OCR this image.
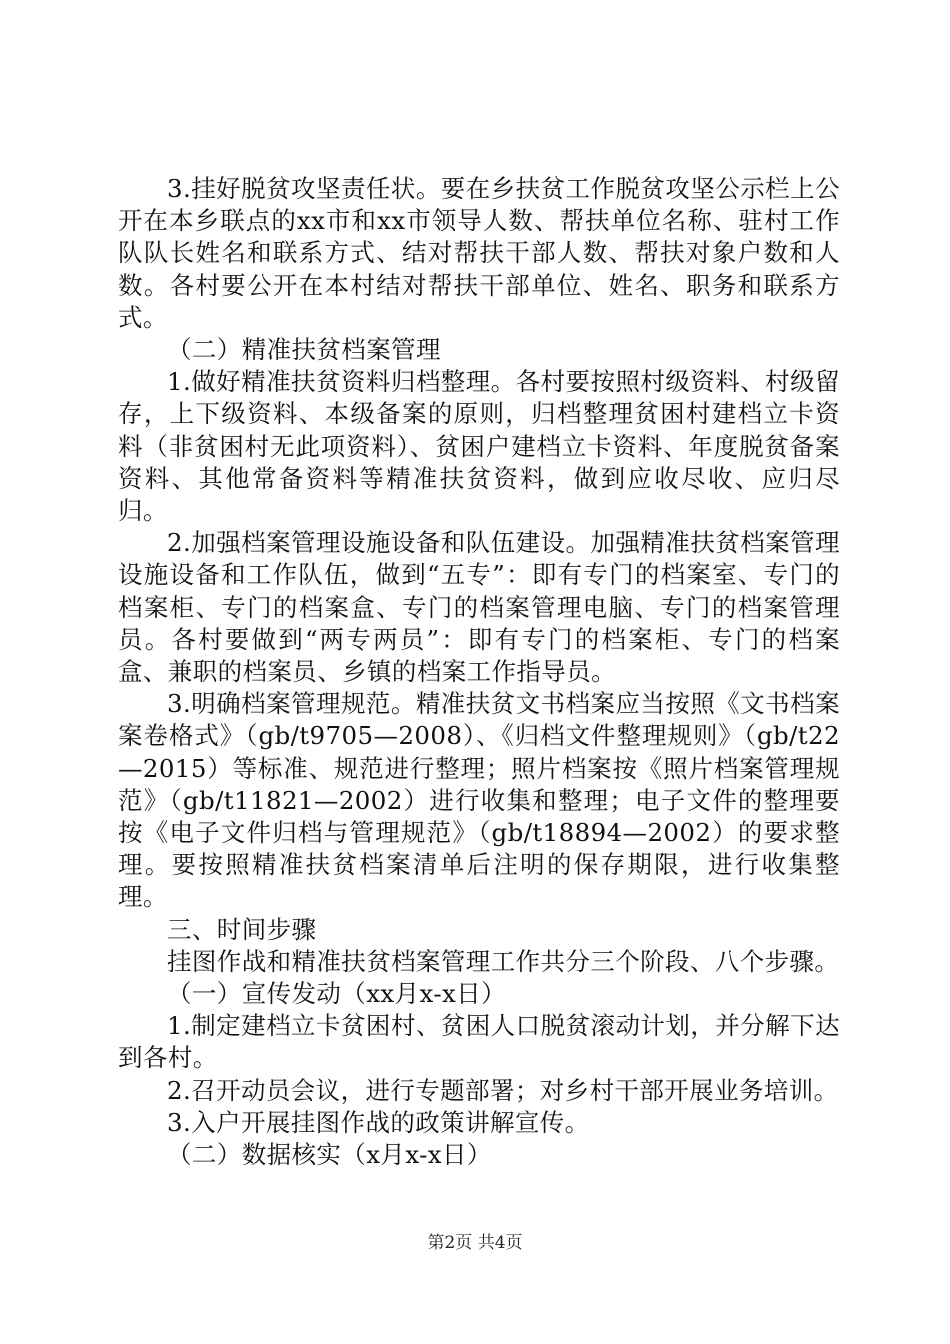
3.挂好脱贫攻坚责任状。要在乡扶贫工作脱贫攻坚公示栏上公开在本乡联点的xx市和xx市领导人数、帮扶单位名称、驻村工作队队长姓名和联系方式、结对帮扶干部人数、帮扶对象户数和人数。各村要公开在本村结对帮扶干部单位、姓名、职务和联系方式。

（二）精准扶贫档案管理

1.做好精准扶贫资料归档整理。各村要按照村级资料、村级留存，上下级资料、本级备案的原则，归档整理贫困村建档立卡资料（非贫困村无此项资料）、贫困户建档立卡资料、年度脱贫备案资料、其他常备资料等精准扶贫资料，做到应收尽收、应归尽归。

2.加强档案管理设施设备和队伍建设。加强精准扶贫档案管理设施设备和工作队伍，做到“五专”：即有专门的档案室、专门的档案柜、专门的档案盒、专门的档案管理电脑、专门的档案管理员。各村要做到“两专两员”：即有专门的档案柜、专门的档案盒、兼职的档案员、乡镇的档案工作指导员。

3.明确档案管理规范。精准扶贫文书档案应当按照《文书档案案卷格式》（gb/t9705—2008）、《归档文件整理规则》（gb/t22—2015）等标准、规范进行整理；照片档案按《照片档案管理规范》（gb/t11821—2002）进行收集和整理；电子文件的整理要按《电子文件归档与管理规范》（gb/t18894—2002）的要求整理。要按照精准扶贫档案清单后注明的保存期限，进行收集整理。

三、时间步骤

挂图作战和精准扶贫档案管理工作共分三个阶段、八个步骤。

（一）宣传发动（xx月x-x日）

1.制定建档立卡贫困村、贫困人口脱贫滚动计划，并分解下达到各村。

2.召开动员会议，进行专题部署；对乡村干部开展业务培训。

3.入户开展挂图作战的政策讲解宣传。

（二）数据核实（x月x-x日）

第2页 共4页
